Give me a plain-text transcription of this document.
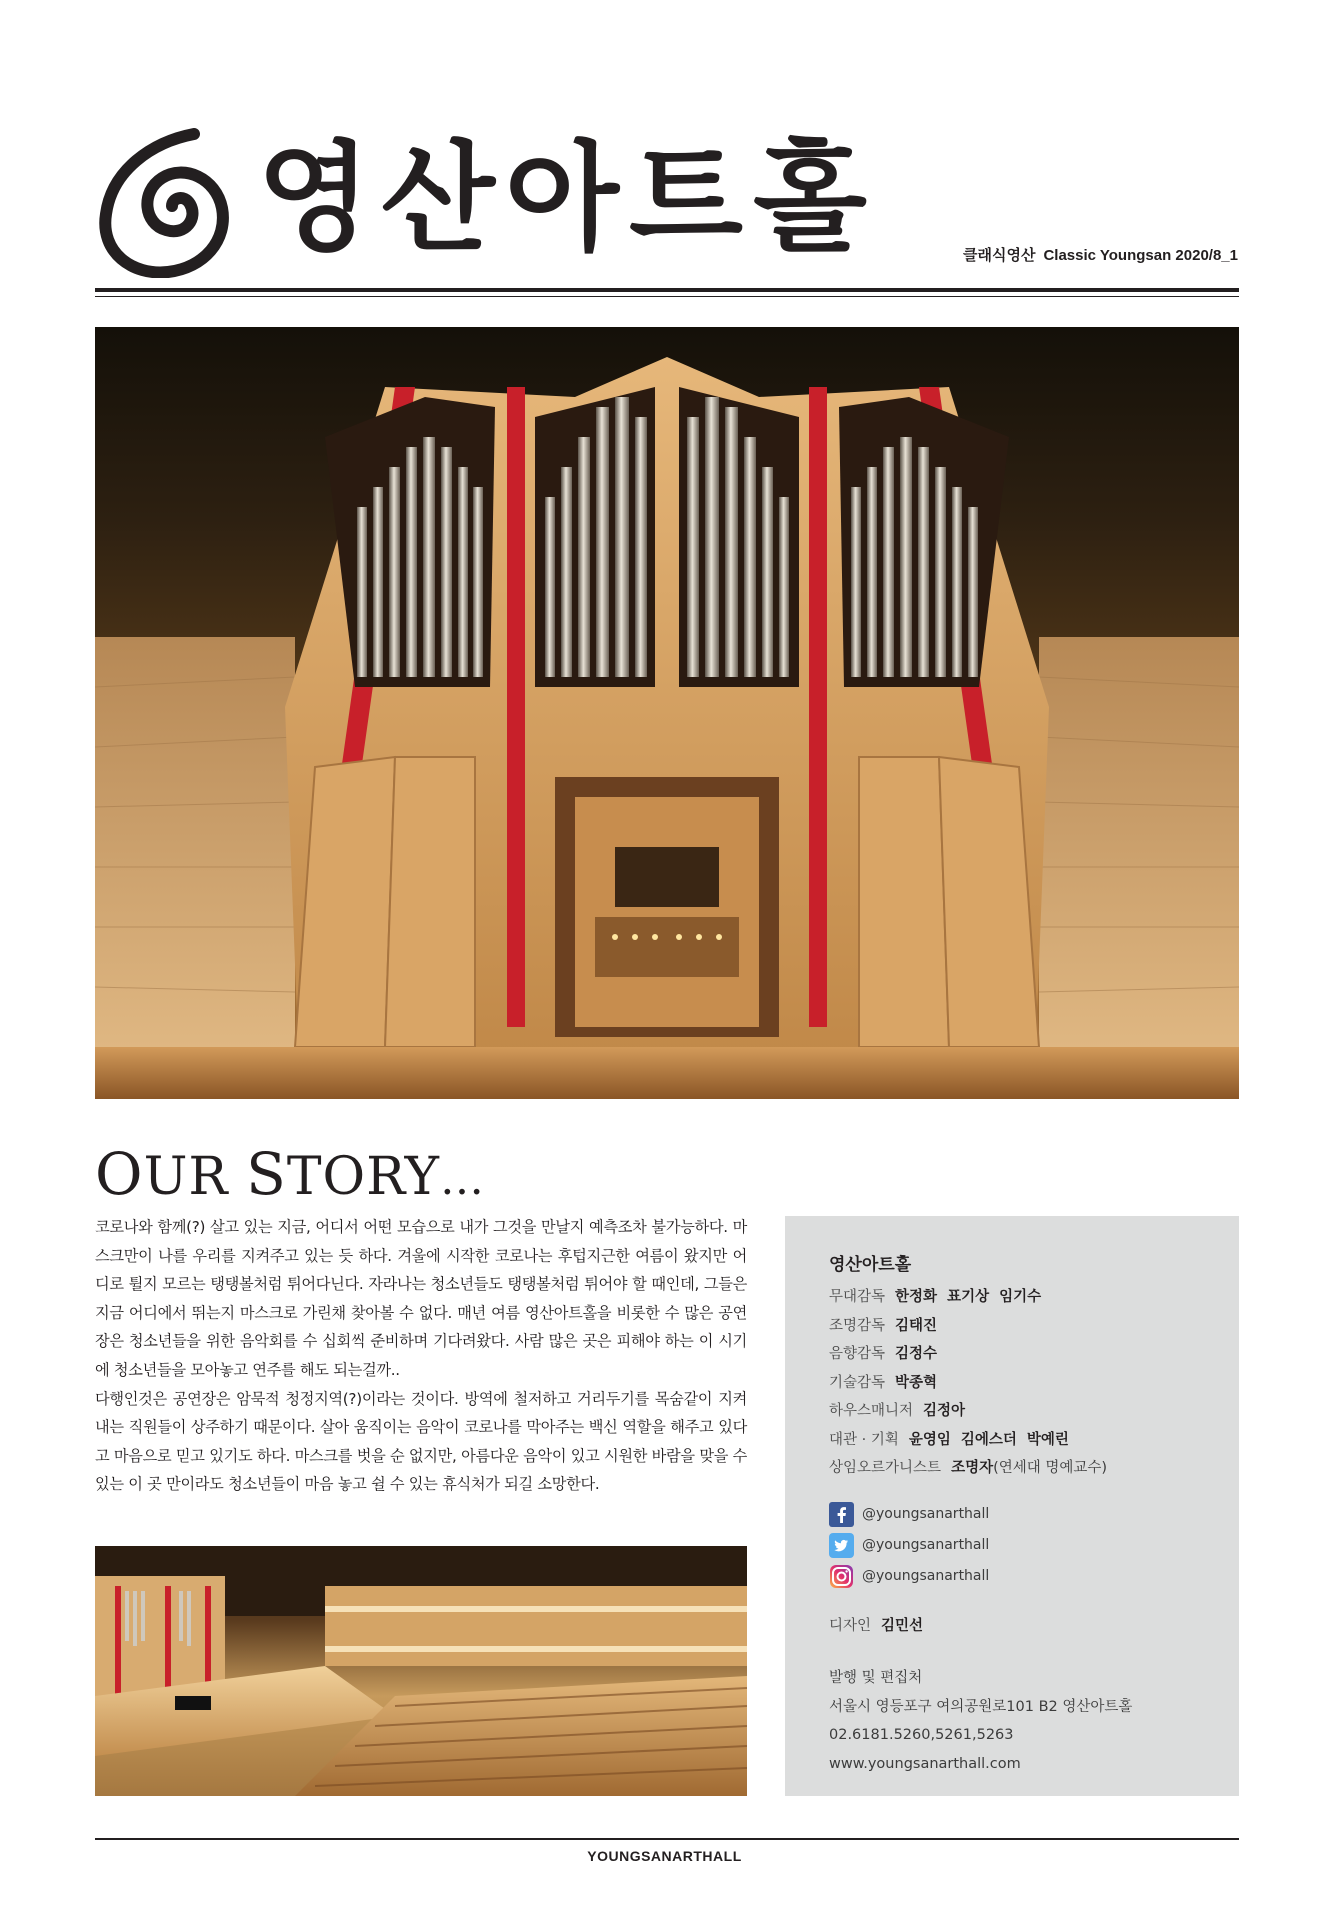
영산아트홀	클래식영산 Classic Youngsan 2020/8_1
OUR STORY…

코로나와 함께(?) 살고 있는 지금, 어디서 어떤 모습으로 내가 그것을 만날지 예측조차 불가능하다. 마스크만이 나를 우리를 지켜주고 있는 듯 하다. 겨울에 시작한 코로나는 후텁지근한 여름이 왔지만 어디로 튈지 모르는 탱탱볼처럼 튀어다닌다. 자라나는 청소년들도 탱탱볼처럼 튀어야 할 때인데, 그들은 지금 어디에서 뛰는지 마스크로 가린채 찾아볼 수 없다. 매년 여름 영산아트홀을 비롯한 수 많은 공연장은 청소년들을 위한 음악회를 수 십회씩 준비하며 기다려왔다. 사람 많은 곳은 피해야 하는 이 시기에 청소년들을 모아놓고 연주를 해도 되는걸까..

다행인것은 공연장은 암묵적 청정지역(?)이라는 것이다. 방역에 철저하고 거리두기를 목숨같이 지켜내는 직원들이 상주하기 때문이다. 살아 움직이는 음악이 코로나를 막아주는 백신 역할을 해주고 있다고 마음으로 믿고 있기도 하다. 마스크를 벗을 순 없지만, 아름다운 음악이 있고 시원한 바람을 맞을 수 있는 이 곳 만이라도 청소년들이 마음 놓고 쉴 수 있는 휴식처가 되길 소망한다.

영산아트홀
무대감독 한정화 표기상 임기수
조명감독 김태진
음향감독 김정수
기술감독 박종혁
하우스매니저 김정아
대관 · 기획 윤영임 김에스더 박예린
상임오르가니스트 조명자(연세대 명예교수)
@youngsanarthall
@youngsanarthall
@youngsanarthall
디자인 김민선
발행 및 편집처
서울시 영등포구 여의공원로101 B2 영산아트홀
02.6181.5260,5261,5263
www.youngsanarthall.com
YOUNGSANARTHALL
